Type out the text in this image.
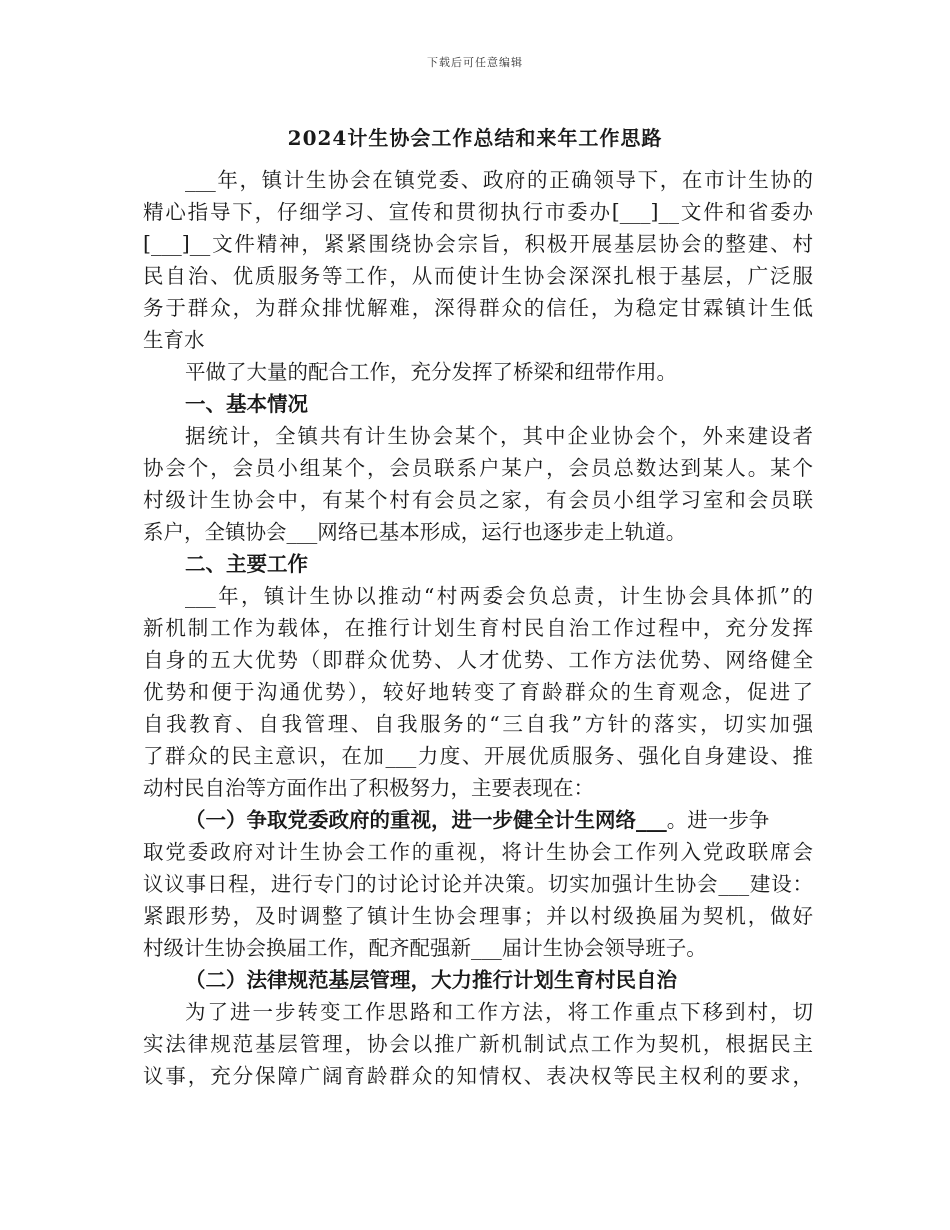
下载后可任意编辑
2024计生协会工作总结和来年工作思路
___年，镇计生协会在镇党委、政府的正确领导下，在市计生协的
精心指导下，仔细学习、宣传和贯彻执行市委办[___]__文件和省委办
[___]__文件精神，紧紧围绕协会宗旨，积极开展基层协会的整建、村
民自治、优质服务等工作，从而使计生协会深深扎根于基层，广泛服
务于群众，为群众排忧解难，深得群众的信任，为稳定甘霖镇计生低
生育水
平做了大量的配合工作，充分发挥了桥梁和纽带作用。
一、基本情况
据统计，全镇共有计生协会某个，其中企业协会个，外来建设者
协会个，会员小组某个，会员联系户某户，会员总数达到某人。某个
村级计生协会中，有某个村有会员之家，有会员小组学习室和会员联
系户，全镇协会___网络已基本形成，运行也逐步走上轨道。
二、主要工作
___年，镇计生协以推动“村两委会负总责，计生协会具体抓”的
新机制工作为载体，在推行计划生育村民自治工作过程中，充分发挥
自身的五大优势（即群众优势、人才优势、工作方法优势、网络健全
优势和便于沟通优势），较好地转变了育龄群众的生育观念，促进了
自我教育、自我管理、自我服务的“三自我”方针的落实，切实加强
了群众的民主意识，在加___力度、开展优质服务、强化自身建设、推
动村民自治等方面作出了积极努力，主要表现在：
（一）争取党委政府的重视，进一步健全计生网络___。进一步争
取党委政府对计生协会工作的重视，将计生协会工作列入党政联席会
议议事日程，进行专门的讨论讨论并决策。切实加强计生协会___建设：
紧跟形势，及时调整了镇计生协会理事；并以村级换届为契机，做好
村级计生协会换届工作，配齐配强新___届计生协会领导班子。
（二）法律规范基层管理，大力推行计划生育村民自治
为了进一步转变工作思路和工作方法，将工作重点下移到村，切
实法律规范基层管理，协会以推广新机制试点工作为契机，根据民主
议事，充分保障广阔育龄群众的知情权、表决权等民主权利的要求，
